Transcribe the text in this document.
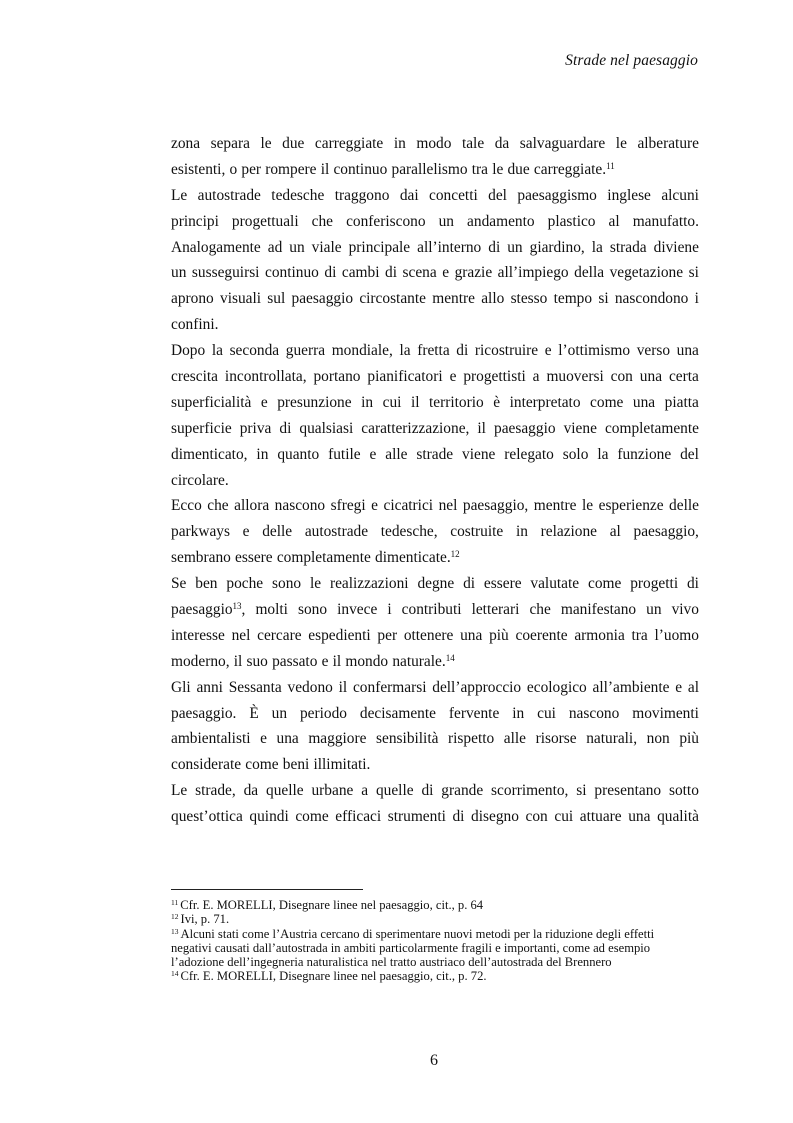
Strade nel paesaggio
zona separa le due carreggiate in modo tale da salvaguardare le alberature
esistenti, o per rompere il continuo parallelismo tra le due carreggiate.$^{11}$
Le autostrade tedesche traggono dai concetti del paesaggismo inglese alcuni
principi progettuali che conferiscono un andamento plastico al manufatto.
Analogamente ad un viale principale all’interno di un giardino, la strada diviene
un susseguirsi continuo di cambi di scena e grazie all’impiego della vegetazione si
aprono visuali sul paesaggio circostante mentre allo stesso tempo si nascondono i
confini.
Dopo la seconda guerra mondiale, la fretta di ricostruire e l’ottimismo verso una
crescita incontrollata, portano pianificatori e progettisti a muoversi con una certa
superficialità e presunzione in cui il territorio è interpretato come una piatta
superficie priva di qualsiasi caratterizzazione, il paesaggio viene completamente
dimenticato, in quanto futile e alle strade viene relegato solo la funzione del
circolare.
Ecco che allora nascono sfregi e cicatrici nel paesaggio, mentre le esperienze delle
parkways e delle autostrade tedesche, costruite in relazione al paesaggio,
sembrano essere completamente dimenticate.$^{12}$
Se ben poche sono le realizzazioni degne di essere valutate come progetti di
paesaggio$^{13}$, molti sono invece i contributi letterari che manifestano un vivo
interesse nel cercare espedienti per ottenere una più coerente armonia tra l’uomo
moderno, il suo passato e il mondo naturale.$^{14}$
Gli anni Sessanta vedono il confermarsi dell’approccio ecologico all’ambiente e al
paesaggio. È un periodo decisamente fervente in cui nascono movimenti
ambientalisti e una maggiore sensibilità rispetto alle risorse naturali, non più
considerate come beni illimitati.
Le strade, da quelle urbane a quelle di grande scorrimento, si presentano sotto
quest’ottica quindi come efficaci strumenti di disegno con cui attuare una qualità
$^{11}$ Cfr. E. MORELLI, Disegnare linee nel paesaggio, cit., p. 64
$^{12}$ Ivi, p. 71.
$^{13}$ Alcuni stati come l’Austria cercano di sperimentare nuovi metodi per la riduzione degli effetti
negativi causati dall’autostrada in ambiti particolarmente fragili e importanti, come ad esempio
l’adozione dell’ingegneria naturalistica nel tratto austriaco dell’autostrada del Brennero
$^{14}$ Cfr. E. MORELLI, Disegnare linee nel paesaggio, cit., p. 72.
6
